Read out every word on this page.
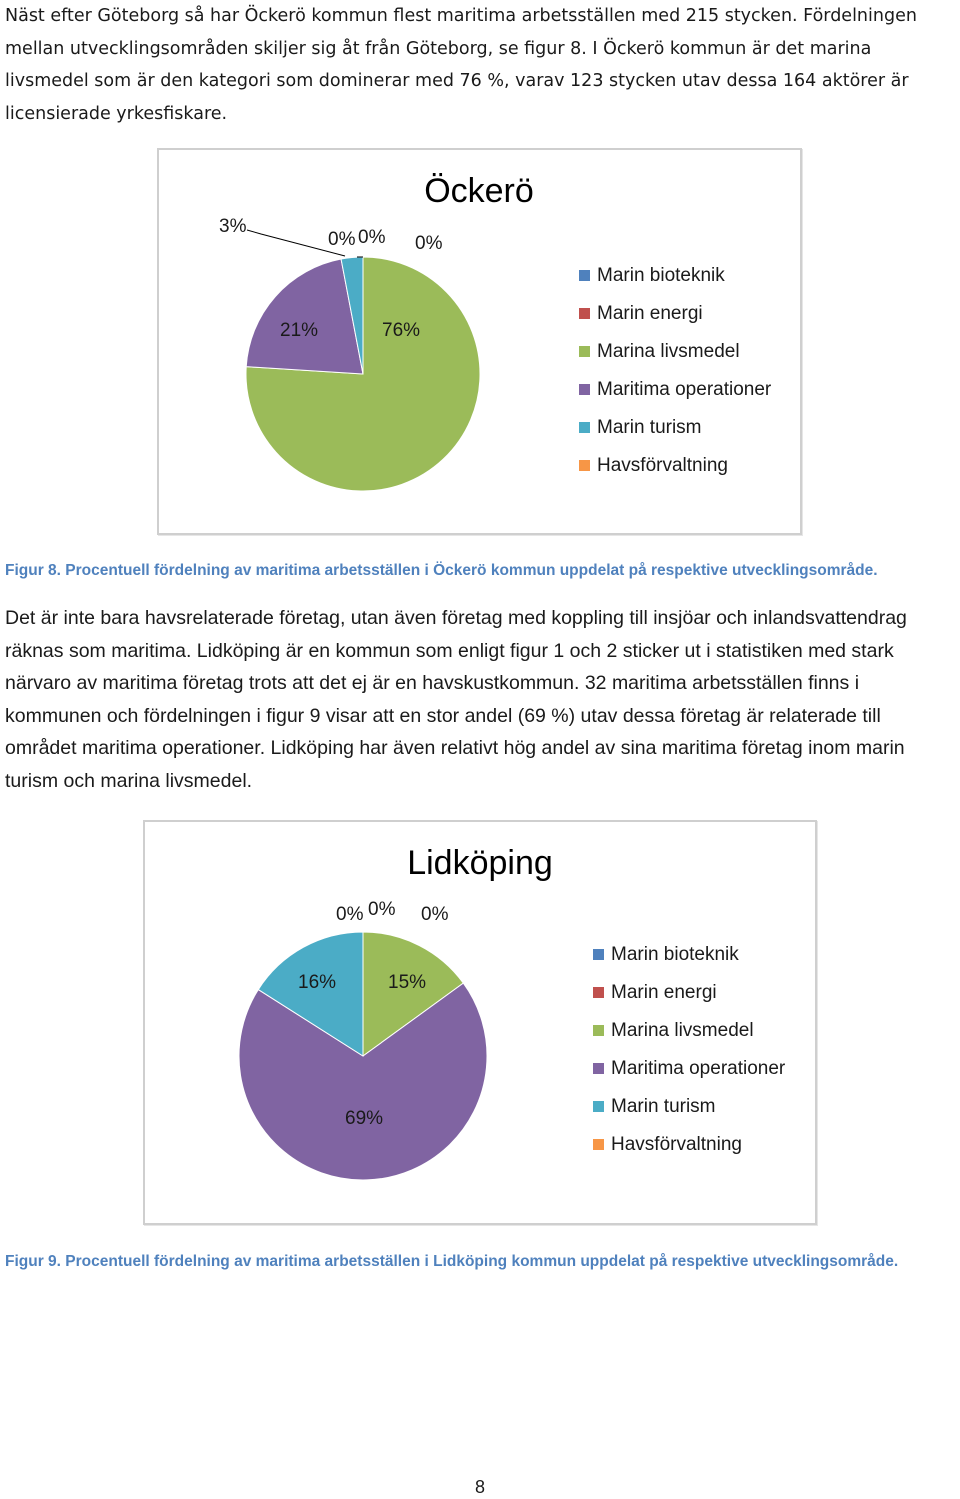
Näst efter Göteborg så har Öckerö kommun flest maritima arbetsställen med 215 stycken. Fördelningen mellan utvecklingsområden skiljer sig åt från Göteborg, se figur 8. I Öckerö kommun är det marina livsmedel som är den kategori som dominerar med 76 %, varav 123 stycken utav dessa 164 aktörer är licensierade yrkesfiskare.
Öckerö
0% 0%
76%
21%
3%
0%
Marin bioteknik
Marin energi
Marina livsmedel
Maritima operationer
Marin turism
Havsförvaltning
Figur 8. Procentuell fördelning av maritima arbetsställen i Öckerö kommun uppdelat på respektive utvecklingsområde.
Det är inte bara havsrelaterade företag, utan även företag med koppling till insjöar och inlandsvattendrag räknas som maritima. Lidköping är en kommun som enligt figur 1 och 2 sticker ut i statistiken med stark närvaro av maritima företag trots att det ej är en havskustkommun. 32 maritima arbetsställen finns i kommunen och fördelningen i figur 9 visar att en stor andel (69 %) utav dessa företag är relaterade till området maritima operationer. Lidköping har även relativt hög andel av sina maritima företag inom marin turism och marina livsmedel.
Lidköping
0% 0%
15%
69%
16%
0%
Marin bioteknik
Marin energi
Marina livsmedel
Maritima operationer
Marin turism
Havsförvaltning
Figur 9. Procentuell fördelning av maritima arbetsställen i Lidköping kommun uppdelat på respektive utvecklingsområde.
8
